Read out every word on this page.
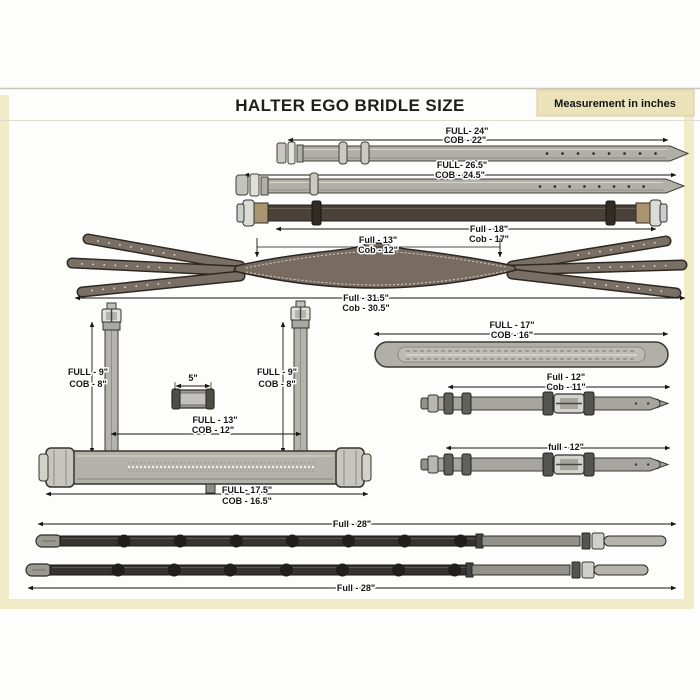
HALTER EGO BRIDLE SIZE	Measurement in inches
FULL- 24"
COB - 22"
FULL- 26.5"
COB - 24.5"
Full - 18"
Cob - 17"
Full - 13"
Cob - 12"
Full - 31.5"
Cob - 30.5"
FULL - 9"
COB - 8"
FULL - 9"
COB - 8"
5"
FULL - 13"
COB - 12"
FULL- 17.5"
COB - 16.5"
FULL - 17"
COB - 16"
Full - 12"
Cob - 11"
full - 12"
Full - 28"
Full - 28"
